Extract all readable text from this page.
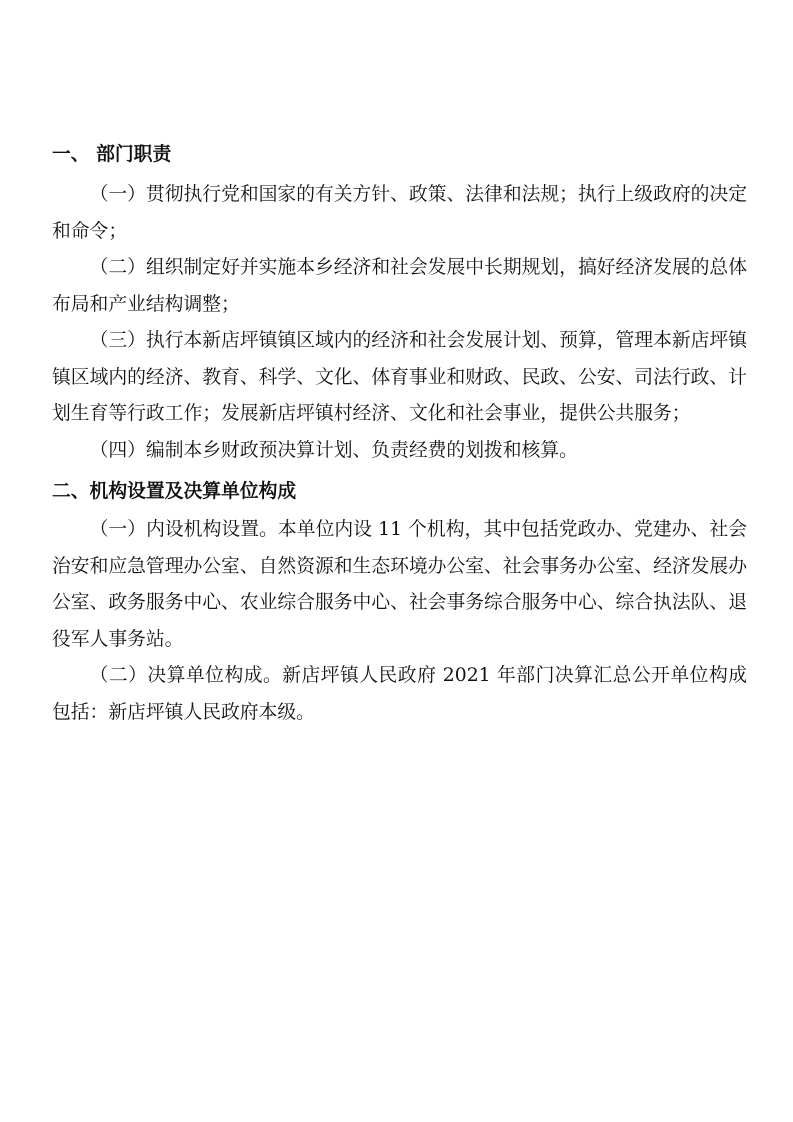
一、 部门职责

（一）贯彻执行党和国家的有关方针、政策、法律和法规；执行上级政府的决定和命令；

（二）组织制定好并实施本乡经济和社会发展中长期规划，搞好经济发展的总体布局和产业结构调整；

（三）执行本新店坪镇镇区域内的经济和社会发展计划、预算，管理本新店坪镇镇区域内的经济、教育、科学、文化、体育事业和财政、民政、公安、司法行政、计划生育等行政工作；发展新店坪镇村经济、文化和社会事业，提供公共服务；

（四）编制本乡财政预决算计划、负责经费的划拨和核算。

二、机构设置及决算单位构成

（一）内设机构设置。本单位内设 11 个机构，其中包括党政办、党建办、社会治安和应急管理办公室、自然资源和生态环境办公室、社会事务办公室、经济发展办公室、政务服务中心、农业综合服务中心、社会事务综合服务中心、综合执法队、退役军人事务站。

（二）决算单位构成。新店坪镇人民政府 2021 年部门决算汇总公开单位构成包括：新店坪镇人民政府本级。
